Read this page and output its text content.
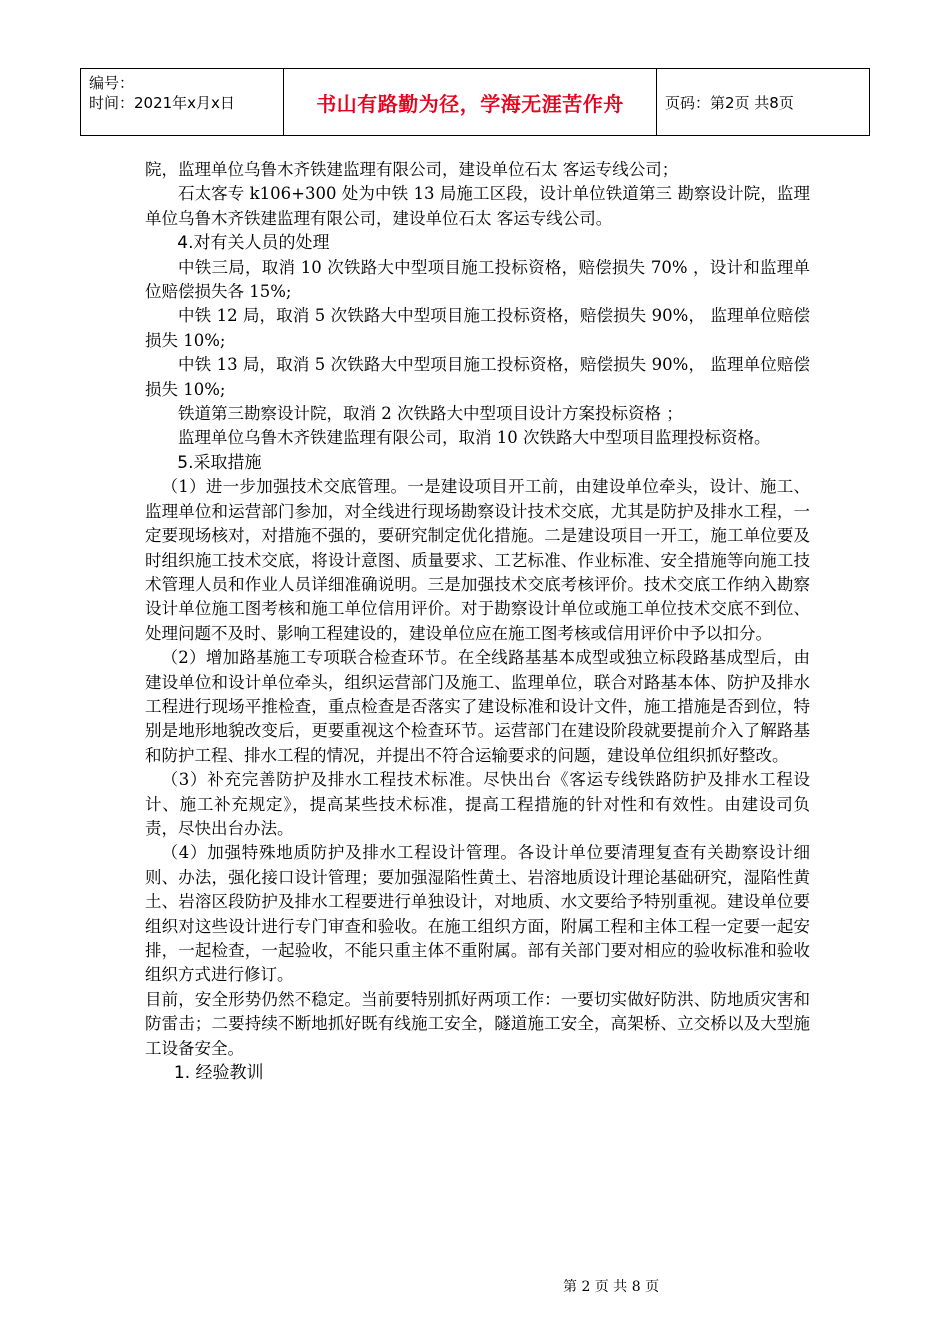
编号：
时间：2021年x月x日	书山有路勤为径，学海无涯苦作舟	页码：第2页 共8页

院，监理单位乌鲁木齐铁建监理有限公司，建设单位石太 客运专线公司；

石太客专 k106+300 处为中铁 13 局施工区段，设计单位铁道第三 勘察设计院，监理单位乌鲁木齐铁建监理有限公司，建设单位石太 客运专线公司。

4.对有关人员的处理

中铁三局，取消 10 次铁路大中型项目施工投标资格，赔偿损失 70% ，设计和监理单位赔偿损失各 15%;

中铁 12 局，取消 5 次铁路大中型项目施工投标资格，赔偿损失 90%， 监理单位赔偿损失 10%;

中铁 13 局，取消 5 次铁路大中型项目施工投标资格，赔偿损失 90%， 监理单位赔偿损失 10%;

铁道第三勘察设计院，取消 2 次铁路大中型项目设计方案投标资格 ；

监理单位乌鲁木齐铁建监理有限公司，取消 10 次铁路大中型项目监理投标资格。

5.采取措施

（1）进一步加强技术交底管理。一是建设项目开工前，由建设单位牵头，设计、施工、监理单位和运营部门参加，对全线进行现场勘察设计技术交底，尤其是防护及排水工程，一定要现场核对，对措施不强的，要研究制定优化措施。二是建设项目一开工，施工单位要及时组织施工技术交底，将设计意图、质量要求、工艺标准、作业标准、安全措施等向施工技术管理人员和作业人员详细准确说明。三是加强技术交底考核评价。技术交底工作纳入勘察设计单位施工图考核和施工单位信用评价。对于勘察设计单位或施工单位技术交底不到位、处理问题不及时、影响工程建设的，建设单位应在施工图考核或信用评价中予以扣分。

（2）增加路基施工专项联合检查环节。在全线路基基本成型或独立标段路基成型后，由建设单位和设计单位牵头，组织运营部门及施工、监理单位，联合对路基本体、防护及排水工程进行现场平推检查，重点检查是否落实了建设标准和设计文件，施工措施是否到位，特别是地形地貌改变后，更要重视这个检查环节。运营部门在建设阶段就要提前介入了解路基和防护工程、排水工程的情况，并提出不符合运输要求的问题，建设单位组织抓好整改。

（3）补充完善防护及排水工程技术标准。尽快出台《客运专线铁路防护及排水工程设计、施工补充规定》，提高某些技术标准，提高工程措施的针对性和有效性。由建设司负责，尽快出台办法。

（4）加强特殊地质防护及排水工程设计管理。各设计单位要清理复查有关勘察设计细则、办法，强化接口设计管理；要加强湿陷性黄土、岩溶地质设计理论基础研究，湿陷性黄土、岩溶区段防护及排水工程要进行单独设计，对地质、水文要给予特别重视。建设单位要组织对这些设计进行专门审查和验收。在施工组织方面，附属工程和主体工程一定要一起安排，一起检查，一起验收，不能只重主体不重附属。部有关部门要对相应的验收标准和验收组织方式进行修订。

目前，安全形势仍然不稳定。当前要特别抓好两项工作：一要切实做好防洪、防地质灾害和防雷击；二要持续不断地抓好既有线施工安全，隧道施工安全，高架桥、立交桥以及大型施工设备安全。

1. 经验教训

第 2 页 共 8 页
